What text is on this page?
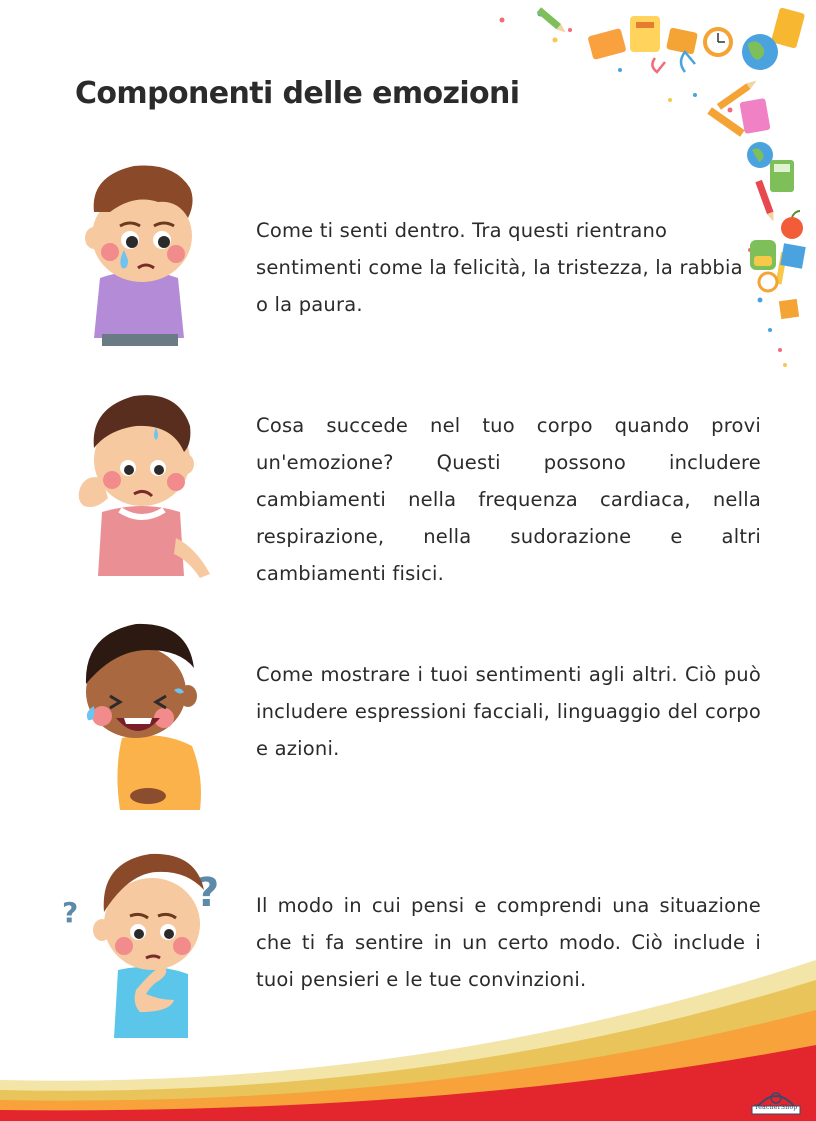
Componenti delle emozioni

Come ti senti dentro. Tra questi rientrano sentimenti come la felicità, la tristezza, la rabbia o la paura.

Cosa succede nel tuo corpo quando provi un'emozione? Questi possono includere cambiamenti nella frequenza cardiaca, nella respirazione, nella sudorazione e altri cambiamenti fisici.

Come mostrare i tuoi sentimenti agli altri. Ciò può includere espressioni facciali, linguaggio del corpo e azioni.

?	? Il modo in cui pensi e comprendi una situazione che ti fa sentire in un certo modo. Ciò include i tuoi pensieri e le tue convinzioni.

TeacherShop
